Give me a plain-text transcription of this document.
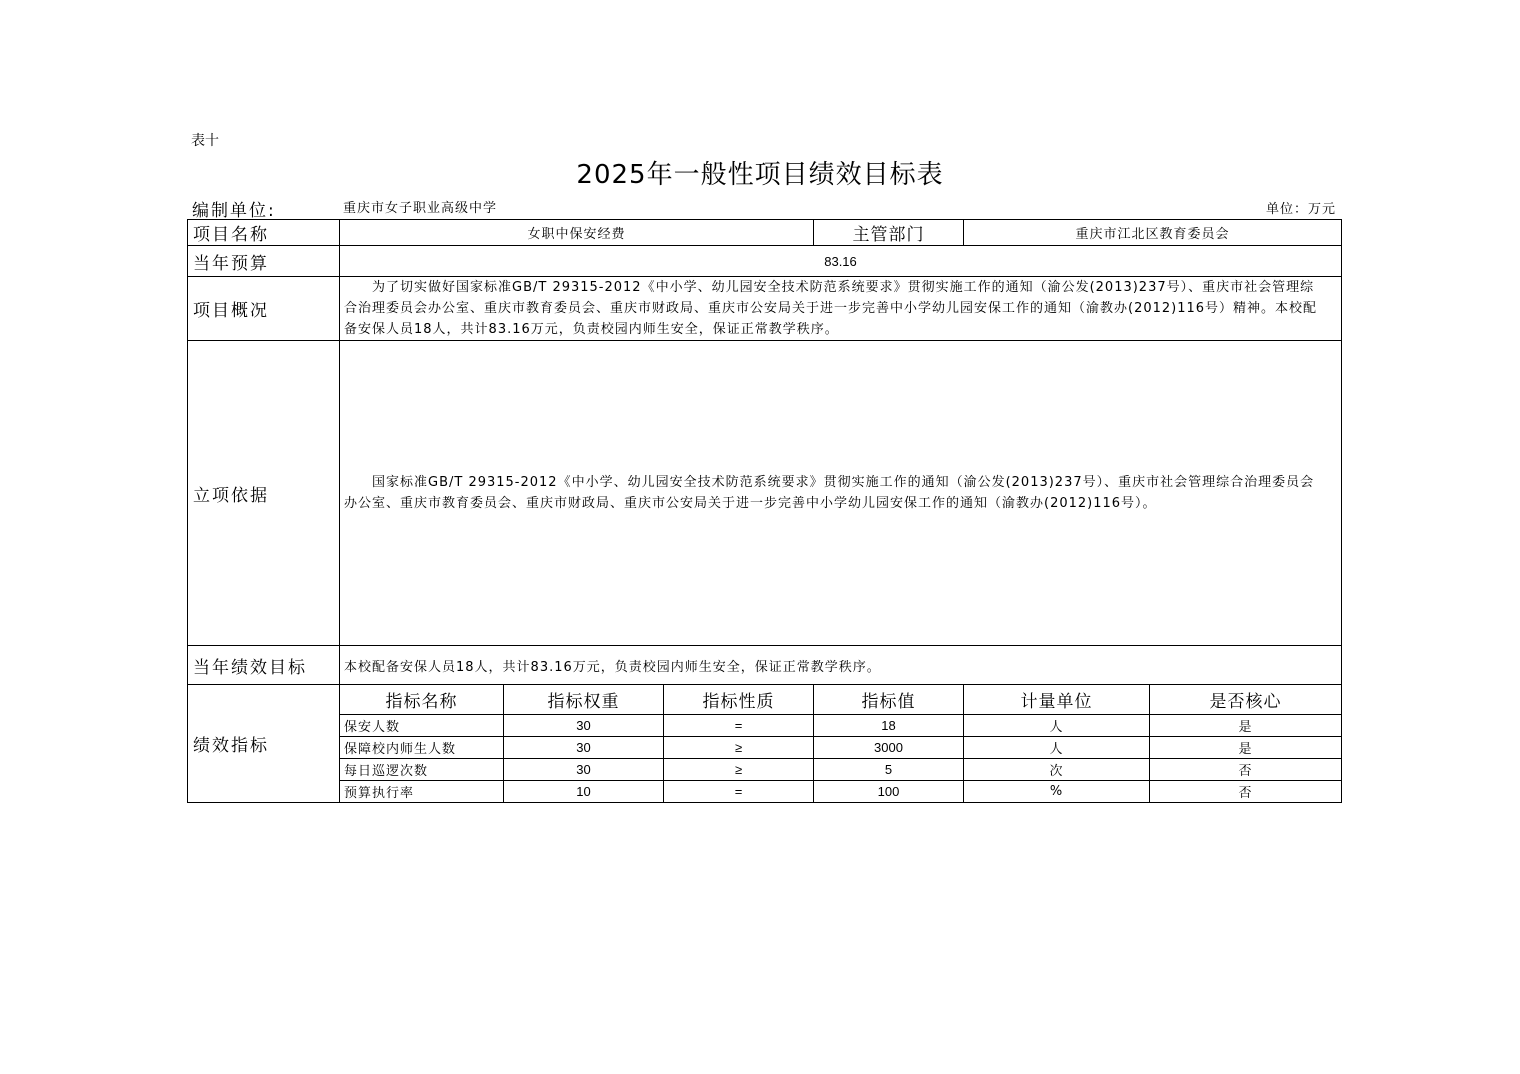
表十
2025年一般性项目绩效目标表
编制单位:	重庆市女子职业高级中学	单位：万元
项目名称	女职中保安经费			主管部门	重庆市江北区教育委员会	
当年预算	83.16					
项目概况	为了切实做好国家标准GB/T 29315-2012《中小学、幼儿园安全技术防范系统要求》贯彻实施工作的通知（渝公发(2013)237号）、重庆市社会管理综合治理委员会办公室、重庆市教育委员会、重庆市财政局、重庆市公安局关于进一步完善中小学幼儿园安保工作的通知（渝教办(2012)116号）精神。本校配备安保人员18人，共计83.16万元，负责校园内师生安全，保证正常教学秩序。					
立项依据	国家标准GB/T 29315-2012《中小学、幼儿园安全技术防范系统要求》贯彻实施工作的通知（渝公发(2013)237号）、重庆市社会管理综合治理委员会办公室、重庆市教育委员会、重庆市财政局、重庆市公安局关于进一步完善中小学幼儿园安保工作的通知（渝教办(2012)116号）。					
当年绩效目标	本校配备安保人员18人，共计83.16万元，负责校园内师生安全，保证正常教学秩序。					
绩效指标	指标名称	指标权重	指标性质	指标值	计量单位	是否核心
	保安人数	30	=	18	人	是
	保障校内师生人数	30	≥	3000	人	是
	每日巡逻次数	30	≥	5	次	否
	预算执行率	10	=	100	%	否
